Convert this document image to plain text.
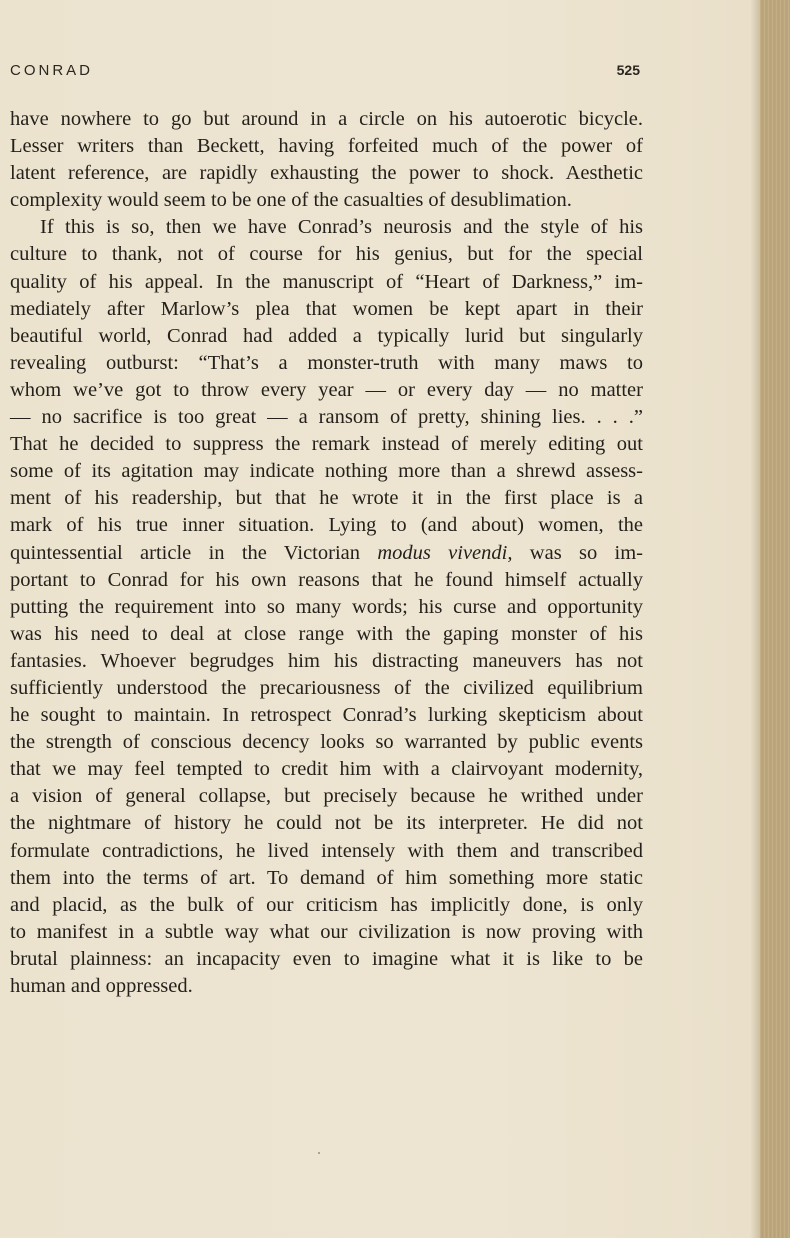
CONRAD	525
have nowhere to go but around in a circle on his autoerotic bicycle.
Lesser writers than Beckett, having forfeited much of the power of
latent reference, are rapidly exhausting the power to shock. Aesthetic
complexity would seem to be one of the casualties of desublimation.
If this is so, then we have Conrad’s neurosis and the style of his
culture to thank, not of course for his genius, but for the special
quality of his appeal. In the manuscript of “Heart of Darkness,” im-
mediately after Marlow’s plea that women be kept apart in their
beautiful world, Conrad had added a typically lurid but singularly
revealing outburst: “That’s a monster-truth with many maws to
whom we’ve got to throw every year — or every day — no matter
— no sacrifice is too great — a ransom of pretty, shining lies. . . .”
That he decided to suppress the remark instead of merely editing out
some of its agitation may indicate nothing more than a shrewd assess-
ment of his readership, but that he wrote it in the first place is a
mark of his true inner situation. Lying to (and about) women, the
quintessential article in the Victorian modus vivendi, was so im-
portant to Conrad for his own reasons that he found himself actually
putting the requirement into so many words; his curse and opportunity
was his need to deal at close range with the gaping monster of his
fantasies. Whoever begrudges him his distracting maneuvers has not
sufficiently understood the precariousness of the civilized equilibrium
he sought to maintain. In retrospect Conrad’s lurking skepticism about
the strength of conscious decency looks so warranted by public events
that we may feel tempted to credit him with a clairvoyant modernity,
a vision of general collapse, but precisely because he writhed under
the nightmare of history he could not be its interpreter. He did not
formulate contradictions, he lived intensely with them and transcribed
them into the terms of art. To demand of him something more static
and placid, as the bulk of our criticism has implicitly done, is only
to manifest in a subtle way what our civilization is now proving with
brutal plainness: an incapacity even to imagine what it is like to be
human and oppressed.
